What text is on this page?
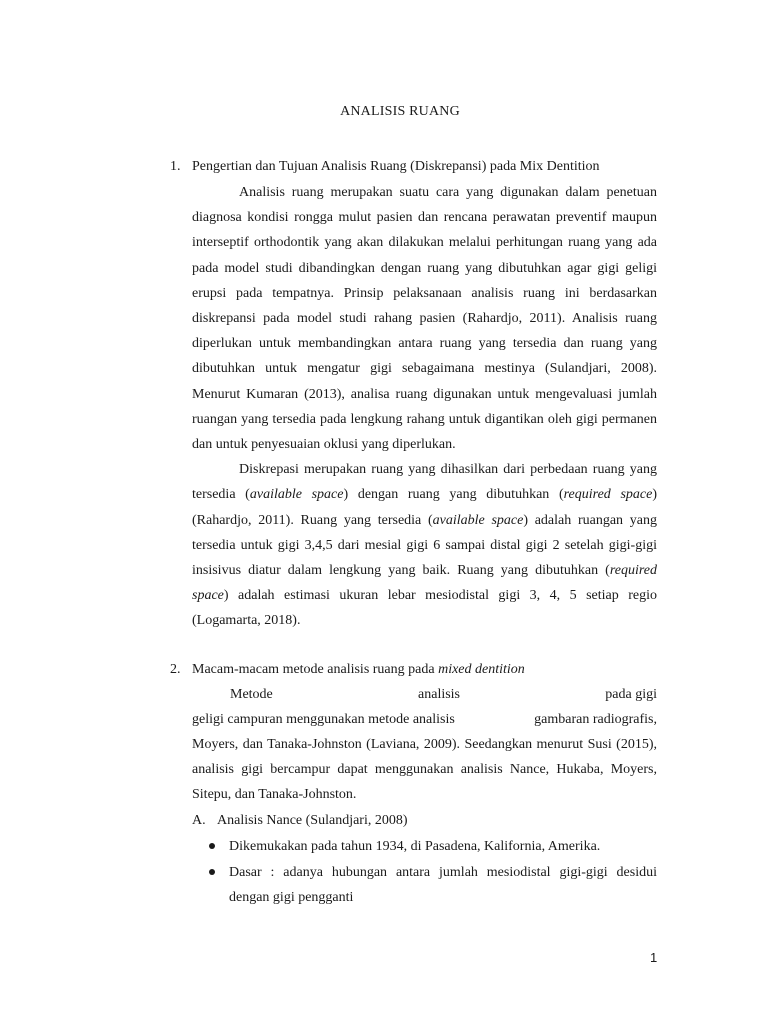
ANALISIS RUANG
1. Pengertian dan Tujuan Analisis Ruang (Diskrepansi) pada Mix Dentition

Analisis ruang merupakan suatu cara yang digunakan dalam penetuan diagnosa kondisi rongga mulut pasien dan rencana perawatan preventif maupun interseptif orthodontik yang akan dilakukan melalui perhitungan ruang yang ada pada model studi dibandingkan dengan ruang yang dibutuhkan agar gigi geligi erupsi pada tempatnya. Prinsip pelaksanaan analisis ruang ini berdasarkan diskrepansi pada model studi rahang pasien (Rahardjo, 2011). Analisis ruang diperlukan untuk membandingkan antara ruang yang tersedia dan ruang yang dibutuhkan untuk mengatur gigi sebagaimana mestinya (Sulandjari, 2008). Menurut Kumaran (2013), analisa ruang digunakan untuk mengevaluasi jumlah ruangan yang tersedia pada lengkung rahang untuk digantikan oleh gigi permanen dan untuk penyesuaian oklusi yang diperlukan.

Diskrepasi merupakan ruang yang dihasilkan dari perbedaan ruang yang tersedia (available space) dengan ruang yang dibutuhkan (required space) (Rahardjo, 2011). Ruang yang tersedia (available space) adalah ruangan yang tersedia untuk gigi 3,4,5 dari mesial gigi 6 sampai distal gigi 2 setelah gigi-gigi insisivus diatur dalam lengkung yang baik. Ruang yang dibutuhkan (required space) adalah estimasi ukuran lebar mesiodistal gigi 3, 4, 5 setiap regio (Logamarta, 2018).

2. Macam-macam metode analisis ruang pada mixed dentition
Metode	analisis	pada gigi
geligi campuran menggunakan metode analisis	gambaran radiografis,

Moyers, dan Tanaka-Johnston (Laviana, 2009). Seedangkan menurut Susi (2015), analisis gigi bercampur dapat menggunakan analisis Nance, Hukaba, Moyers, Sitepu, dan Tanaka-Johnston.

A. Analisis Nance (Sulandjari, 2008)
Dikemukakan pada tahun 1934, di Pasadena, Kalifornia, Amerika.
Dasar : adanya hubungan antara jumlah mesiodistal gigi-gigi desidui dengan gigi pengganti
1
